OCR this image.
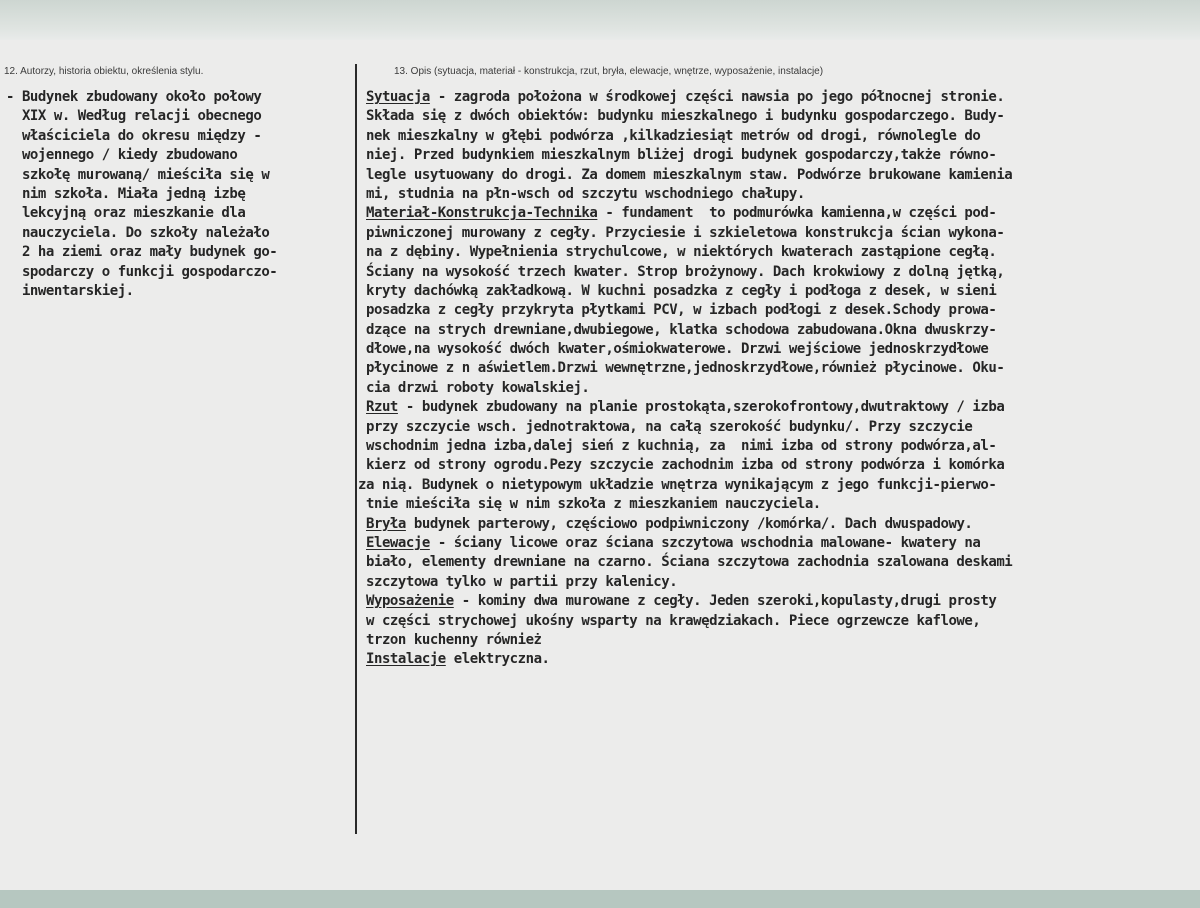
12. Autorzy, historia obiektu, określenia stylu.	13. Opis (sytuacja, materiał - konstrukcja, rzut, bryła, elewacje, wnętrze, wyposażenie, instalacje)
- Budynek zbudowany około połowy
XIX w. Według relacji obecnego
właściciela do okresu między -
wojennego / kiedy zbudowano
szkołę murowaną/ mieściła się w
nim szkoła. Miała jedną izbę
lekcyjną oraz mieszkanie dla
nauczyciela. Do szkoły należało
2 ha ziemi oraz mały budynek go-
spodarczy o funkcji gospodarczo-
inwentarskiej.
Sytuacja - zagroda położona w środkowej części nawsia po jego północnej stronie.
Składa się z dwóch obiektów: budynku mieszkalnego i budynku gospodarczego. Budy-
nek mieszkalny w głębi podwórza ,kilkadziesiąt metrów od drogi, równolegle do
niej. Przed budynkiem mieszkalnym bliżej drogi budynek gospodarczy,także równo-
legle usytuowany do drogi. Za domem mieszkalnym staw. Podwórze brukowane kamienia
mi, studnia na płn-wsch od szczytu wschodniego chałupy.
Materiał-Konstrukcja-Technika - fundament  to podmurówka kamienna,w części pod-
piwniczonej murowany z cegły. Przyciesie i szkieletowa konstrukcja ścian wykona-
na z dębiny. Wypełnienia strychulcowe, w niektórych kwaterach zastąpione cegłą.
Ściany na wysokość trzech kwater. Strop brożynowy. Dach krokwiowy z dolną jętką,
kryty dachówką zakładkową. W kuchni posadzka z cegły i podłoga z desek, w sieni
posadzka z cegły przykryta płytkami PCV, w izbach podłogi z desek.Schody prowa-
dzące na strych drewniane,dwubiegowe, klatka schodowa zabudowana.Okna dwuskrzy-
dłowe,na wysokość dwóch kwater,ośmiokwaterowe. Drzwi wejściowe jednoskrzydłowe
płycinowe z n aświetlem.Drzwi wewnętrzne,jednoskrzydłowe,również płycinowe. Oku-
cia drzwi roboty kowalskiej.
Rzut - budynek zbudowany na planie prostokąta,szerokofrontowy,dwutraktowy / izba
przy szczycie wsch. jednotraktowa, na całą szerokość budynku/. Przy szczycie
wschodnim jedna izba,dalej sień z kuchnią, za  nimi izba od strony podwórza,al-
kierz od strony ogrodu.Pezy szczycie zachodnim izba od strony podwórza i komórka
za nią. Budynek o nietypowym układzie wnętrza wynikającym z jego funkcji-pierwo-
tnie mieściła się w nim szkoła z mieszkaniem nauczyciela.
Bryła budynek parterowy, częściowo podpiwniczony /komórka/. Dach dwuspadowy.
Elewacje - ściany licowe oraz ściana szczytowa wschodnia malowane- kwatery na
biało, elementy drewniane na czarno. Ściana szczytowa zachodnia szalowana deskami
szczytowa tylko w partii przy kalenicy.
Wyposażenie - kominy dwa murowane z cegły. Jeden szeroki,kopulasty,drugi prosty
w części strychowej ukośny wsparty na krawędziakach. Piece ogrzewcze kaflowe,
trzon kuchenny również
Instalacje elektryczna.
